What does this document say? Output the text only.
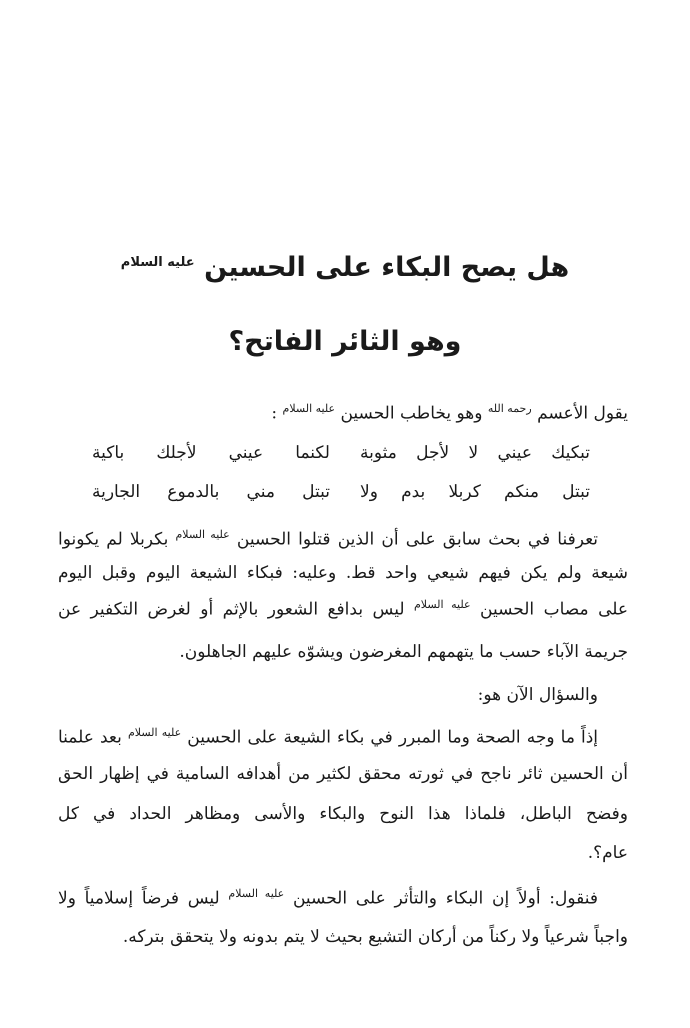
هل يصح البكاء على الحسين $^{عليه السلام}$
وهو الثائر الفاتح؟
يقول الأعسم $^{رحمه الله}$ وهو يخاطب الحسين $^{عليه السلام}$ :
تبكيك عيني لا لأجل مثوبة
لكنما عيني لأجلك باكية
تبتل منكم كربلا بدم ولا
تبتل مني بالدموع الجارية
تعرفنا في بحث سابق على أن الذين قتلوا الحسين $^{عليه السلام}$ بكربلا لم يكونوا
شيعة ولم يكن فيهم شيعي واحد قط. وعليه: فبكاء الشيعة اليوم وقبل اليوم
على مصاب الحسين $^{عليه السلام}$ ليس بدافع الشعور بالإثم أو لغرض التكفير عن
جريمة الآباء حسب ما يتهمهم المغرضون ويشوّه عليهم الجاهلون.
والسؤال الآن هو:
إذاً ما وجه الصحة وما المبرر في بكاء الشيعة على الحسين $^{عليه السلام}$ بعد علمنا
أن الحسين ثائر ناجح في ثورته محقق لكثير من أهدافه السامية في إظهار الحق
وفضح الباطل، فلماذا هذا النوح والبكاء والأسى ومظاهر الحداد في كل
عام؟.
فنقول: أولاً إن البكاء والتأثر على الحسين $^{عليه السلام}$ ليس فرضاً إسلامياً ولا
واجباً شرعياً ولا ركناً من أركان التشيع بحيث لا يتم بدونه ولا يتحقق بتركه.
